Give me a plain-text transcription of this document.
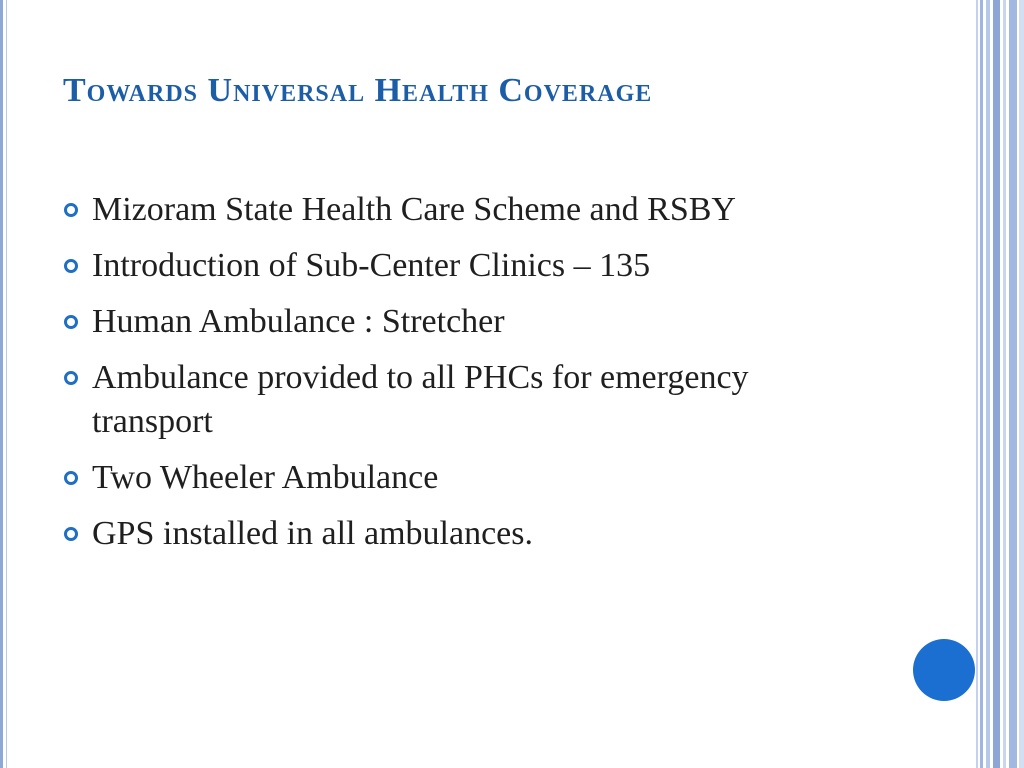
Towards Universal Health Coverage
Mizoram State Health Care Scheme and RSBY
Introduction of Sub-Center Clinics – 135
Human Ambulance : Stretcher
Ambulance provided to all PHCs for emergency transport
Two Wheeler Ambulance
GPS installed in all ambulances.
